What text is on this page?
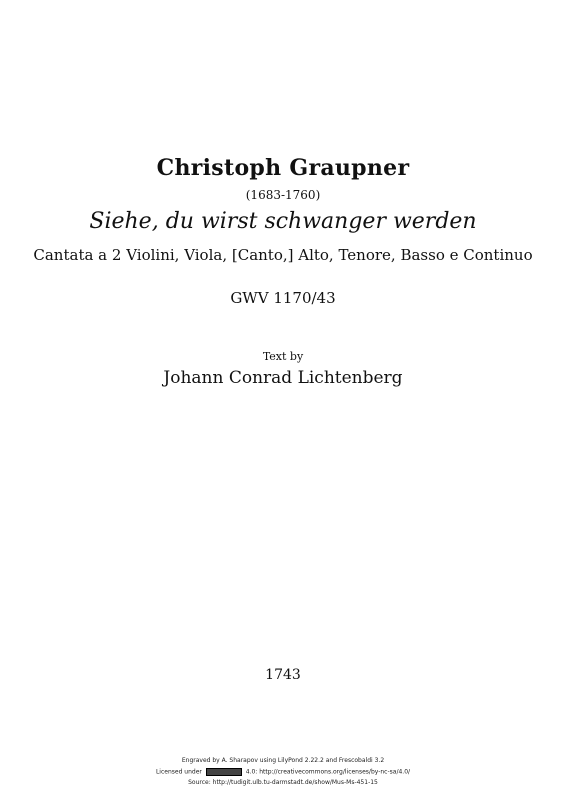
Christoph Graupner
(1683-1760)
Siehe, du wirst schwanger werden
Cantata a 2 Violini, Viola, [Canto,] Alto, Tenore, Basso e Continuo
GWV 1170/43
Text by
Johann Conrad Lichtenberg
1743
Engraved by A. Sharapov using LilyPond 2.22.2 and Frescobaldi 3.2
Licensed under	4.0: http://creativecommons.org/licenses/by-nc-sa/4.0/
Source: http://tudigit.ulb.tu-darmstadt.de/show/Mus-Ms-451-15
